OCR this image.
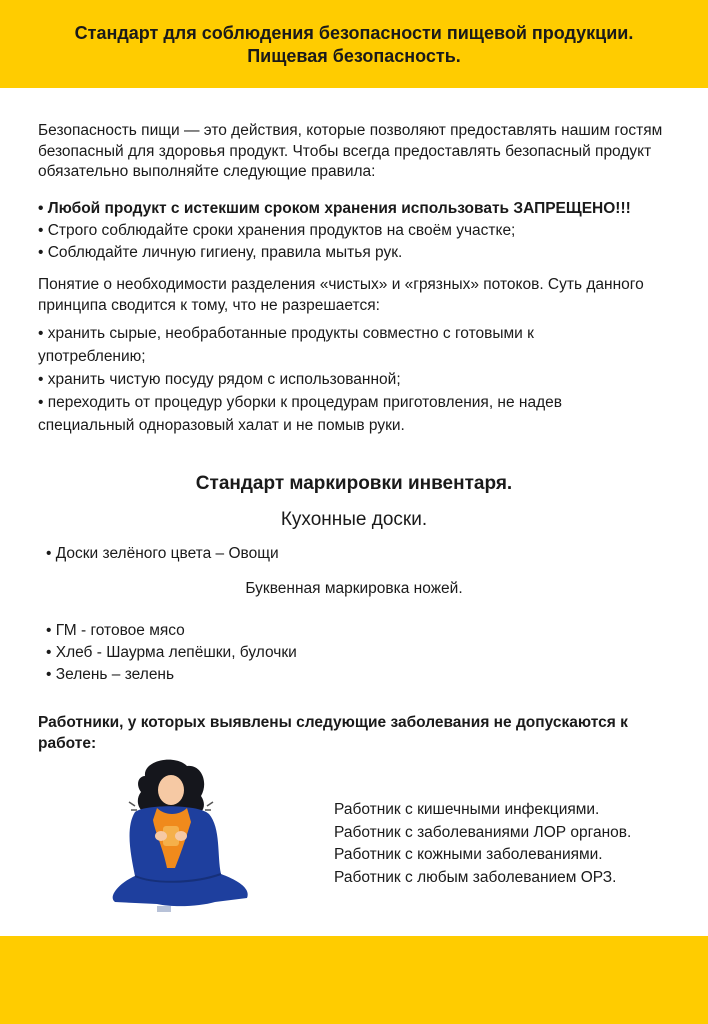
Стандарт для соблюдения безопасности пищевой продукции.
Пищевая безопасность.

Безопасность пищи — это действия, которые позволяют предоставлять нашим гостям безопасный для здоровья продукт. Чтобы всегда предоставлять безопасный продукт обязательно выполняйте следующие правила:

• Любой продукт с истекшим сроком хранения использовать ЗАПРЕЩЕНО!!!

• Строго соблюдайте сроки хранения продуктов на своём участке;

• Соблюдайте личную гигиену, правила мытья рук.

Понятие о необходимости разделения «чистых» и «грязных» потоков. Суть данного принципа сводится к тому, что не разрешается:

• хранить сырые, необработанные продукты совместно с готовыми к употреблению;

• хранить чистую посуду рядом с использованной;

• переходить от процедур уборки к процедурам приготовления, не надев специальный одноразовый халат и не помыв руки.

Стандарт маркировки инвентаря.
Кухонные доски.
• Доски зелёного цвета – Овощи
Буквенная маркировка ножей.
• ГМ - готовое мясо
• Хлеб - Шаурма лепёшки, булочки
• Зелень – зелень
Работники, у которых выявлены следующие заболевания не допускаются к работе:
Работник с кишечными инфекциями.
Работник с заболеваниями ЛОР органов.
Работник с кожными заболеваниями.
Работник с любым заболеванием ОРЗ.
